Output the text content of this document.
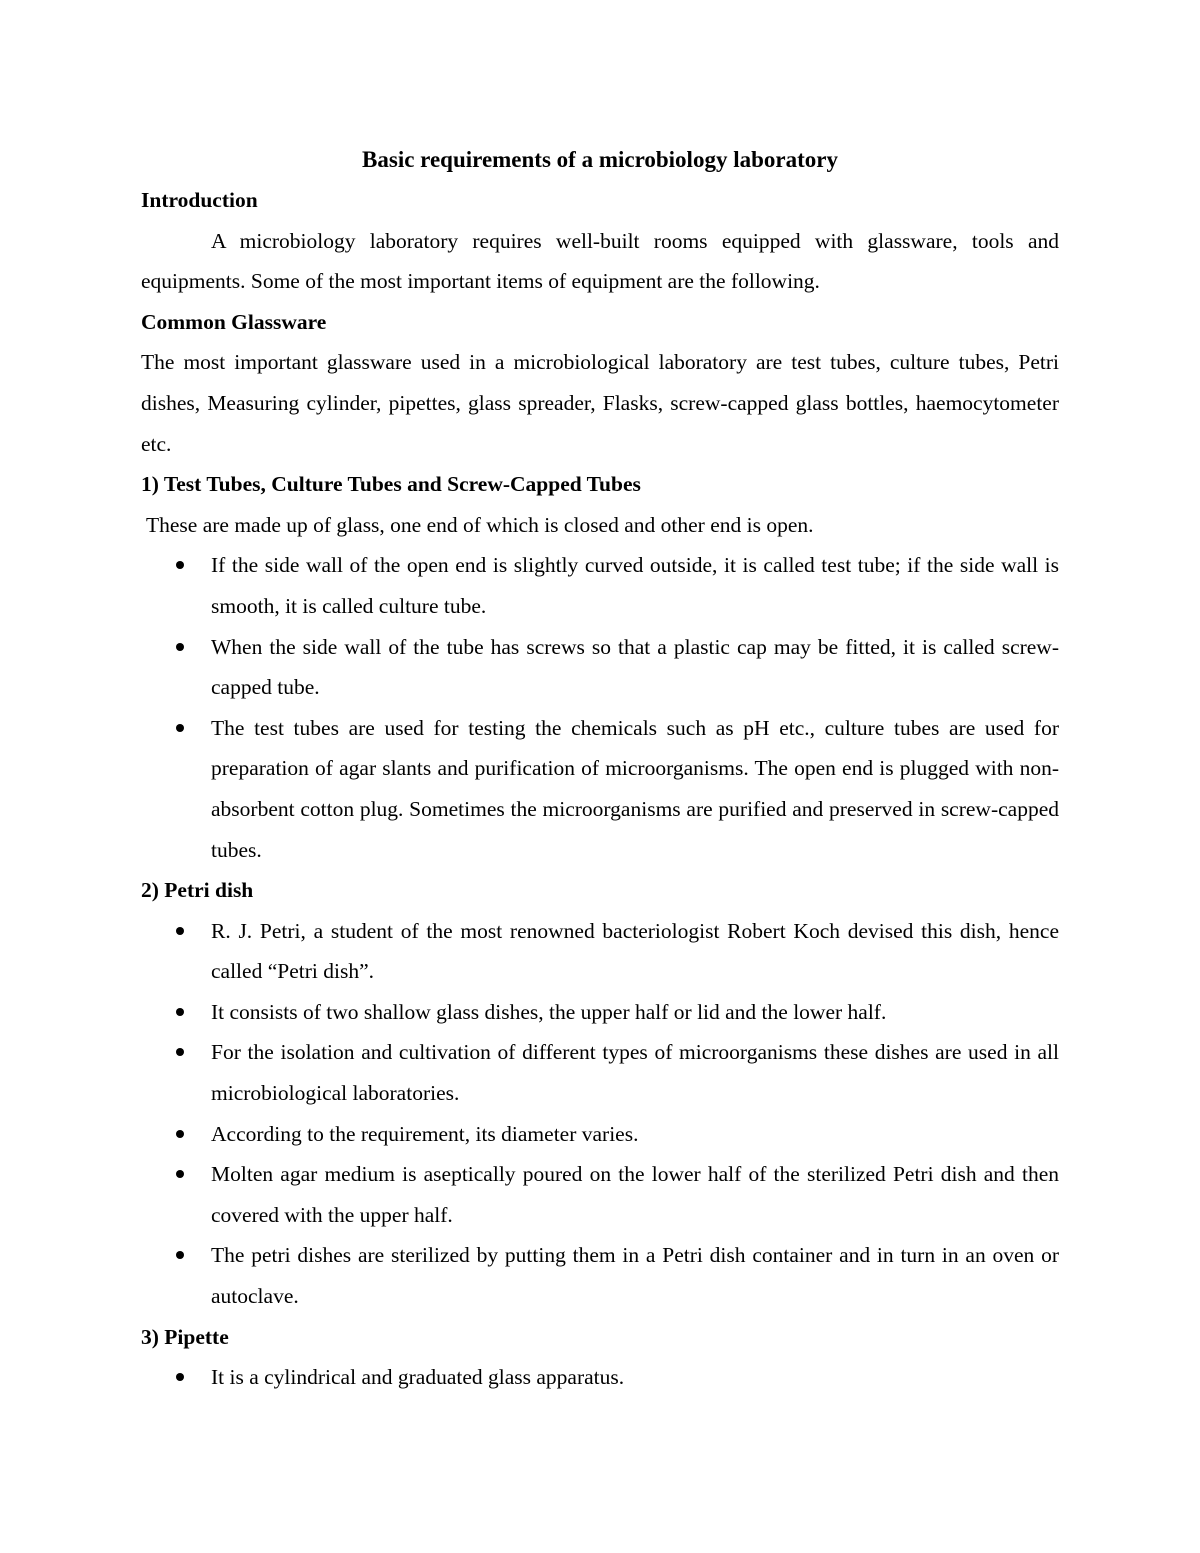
Basic requirements of a microbiology laboratory
Introduction

A microbiology laboratory requires well-built rooms equipped with glassware, tools and equipments. Some of the most important items of equipment are the following.

Common Glassware

The most important glassware used in a microbiological laboratory are test tubes, culture tubes, Petri dishes, Measuring cylinder, pipettes, glass spreader, Flasks, screw-capped glass bottles, haemocytometer etc.

1) Test Tubes, Culture Tubes and Screw-Capped Tubes

These are made up of glass, one end of which is closed and other end is open.

If the side wall of the open end is slightly curved outside, it is called test tube; if the side wall is smooth, it is called culture tube.
When the side wall of the tube has screws so that a plastic cap may be fitted, it is called screw-capped tube.
The test tubes are used for testing the chemicals such as pH etc., culture tubes are used for preparation of agar slants and purification of microorganisms. The open end is plugged with non-absorbent cotton plug. Sometimes the microorganisms are purified and preserved in screw-capped tubes.
2) Petri dish
R. J. Petri, a student of the most renowned bacteriologist Robert Koch devised this dish, hence called “Petri dish”.
It consists of two shallow glass dishes, the upper half or lid and the lower half.
For the isolation and cultivation of different types of microorganisms these dishes are used in all microbiological laboratories.
According to the requirement, its diameter varies.
Molten agar medium is aseptically poured on the lower half of the sterilized Petri dish and then covered with the upper half.
The petri dishes are sterilized by putting them in a Petri dish container and in turn in an oven or autoclave.
3) Pipette
It is a cylindrical and graduated glass apparatus.
